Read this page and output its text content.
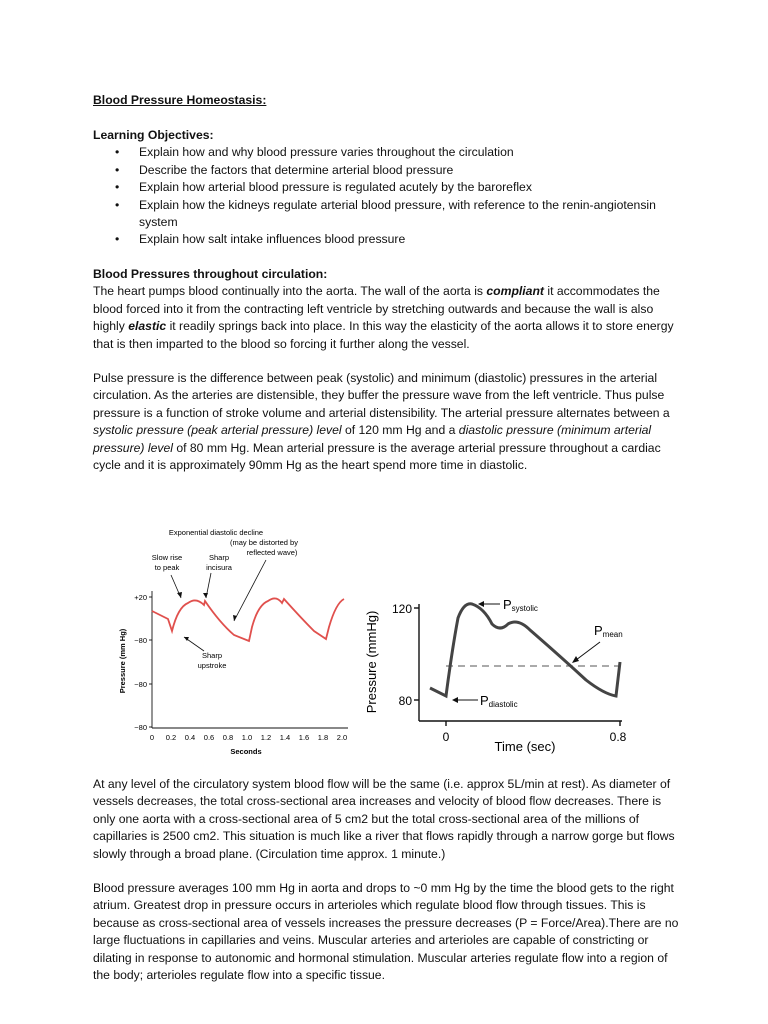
Blood Pressure Homeostasis:
Learning Objectives:
• Explain how and why blood pressure varies throughout the circulation
• Describe the factors that determine arterial blood pressure
• Explain how arterial blood pressure is regulated acutely by the baroreflex
• Explain how the kidneys regulate arterial blood pressure, with reference to the renin-angiotensin system
• Explain how salt intake influences blood pressure
Blood Pressures throughout circulation:

The heart pumps blood continually into the aorta. The wall of the aorta is compliant it accommodates the blood forced into it from the contracting left ventricle by stretching outwards and because the wall is also highly elastic it readily springs back into place. In this way the elasticity of the aorta allows it to store energy that is then imparted to the blood so forcing it further along the vessel.

Pulse pressure is the difference between peak (systolic) and minimum (diastolic) pressures in the arterial circulation. As the arteries are distensible, they buffer the pressure wave from the left ventricle. Thus pulse pressure is a function of stroke volume and arterial distensibility. The arterial pressure alternates between a systolic pressure (peak arterial pressure) level of 120 mm Hg and a diastolic pressure (minimum arterial pressure) level of 80 mm Hg. Mean arterial pressure is the average arterial pressure throughout a cardiac cycle and it is approximately 90mm Hg as the heart spend more time in diastolic.

Exponential diastolic decline
(may be distorted by
reflected wave)
Slow rise
to peak
Sharp
incisura
Sharp
upstroke
+20
−80
−80
−80
Pressure (mm Hg)
0 0.2 0.4 0.6 0.8 1.0 1.2 1.4 1.6 1.8 2.0
Seconds
120
80
Pressure (mmHg)
0	0.8
Time (sec)
Psystolic
Pmean
Pdiastolic
At any level of the circulatory system blood flow will be the same (i.e. approx 5L/min at rest). As diameter of vessels decreases, the total cross-sectional area increases and velocity of blood flow decreases. There is only one aorta with a cross-sectional area of 5 cm2 but the total cross-sectional area of the millions of capillaries is 2500 cm2. This situation is much like a river that flows rapidly through a narrow gorge but flows slowly through a broad plane. (Circulation time approx. 1 minute.)
Blood pressure averages 100 mm Hg in aorta and drops to ~0 mm Hg by the time the blood gets to the right atrium. Greatest drop in pressure occurs in arterioles which regulate blood flow through tissues. This is because as cross-sectional area of vessels increases the pressure decreases (P = Force/Area).There are no large fluctuations in capillaries and veins. Muscular arteries and arterioles are capable of constricting or dilating in response to autonomic and hormonal stimulation. Muscular arteries regulate flow into a region of the body; arterioles regulate flow into a specific tissue.
